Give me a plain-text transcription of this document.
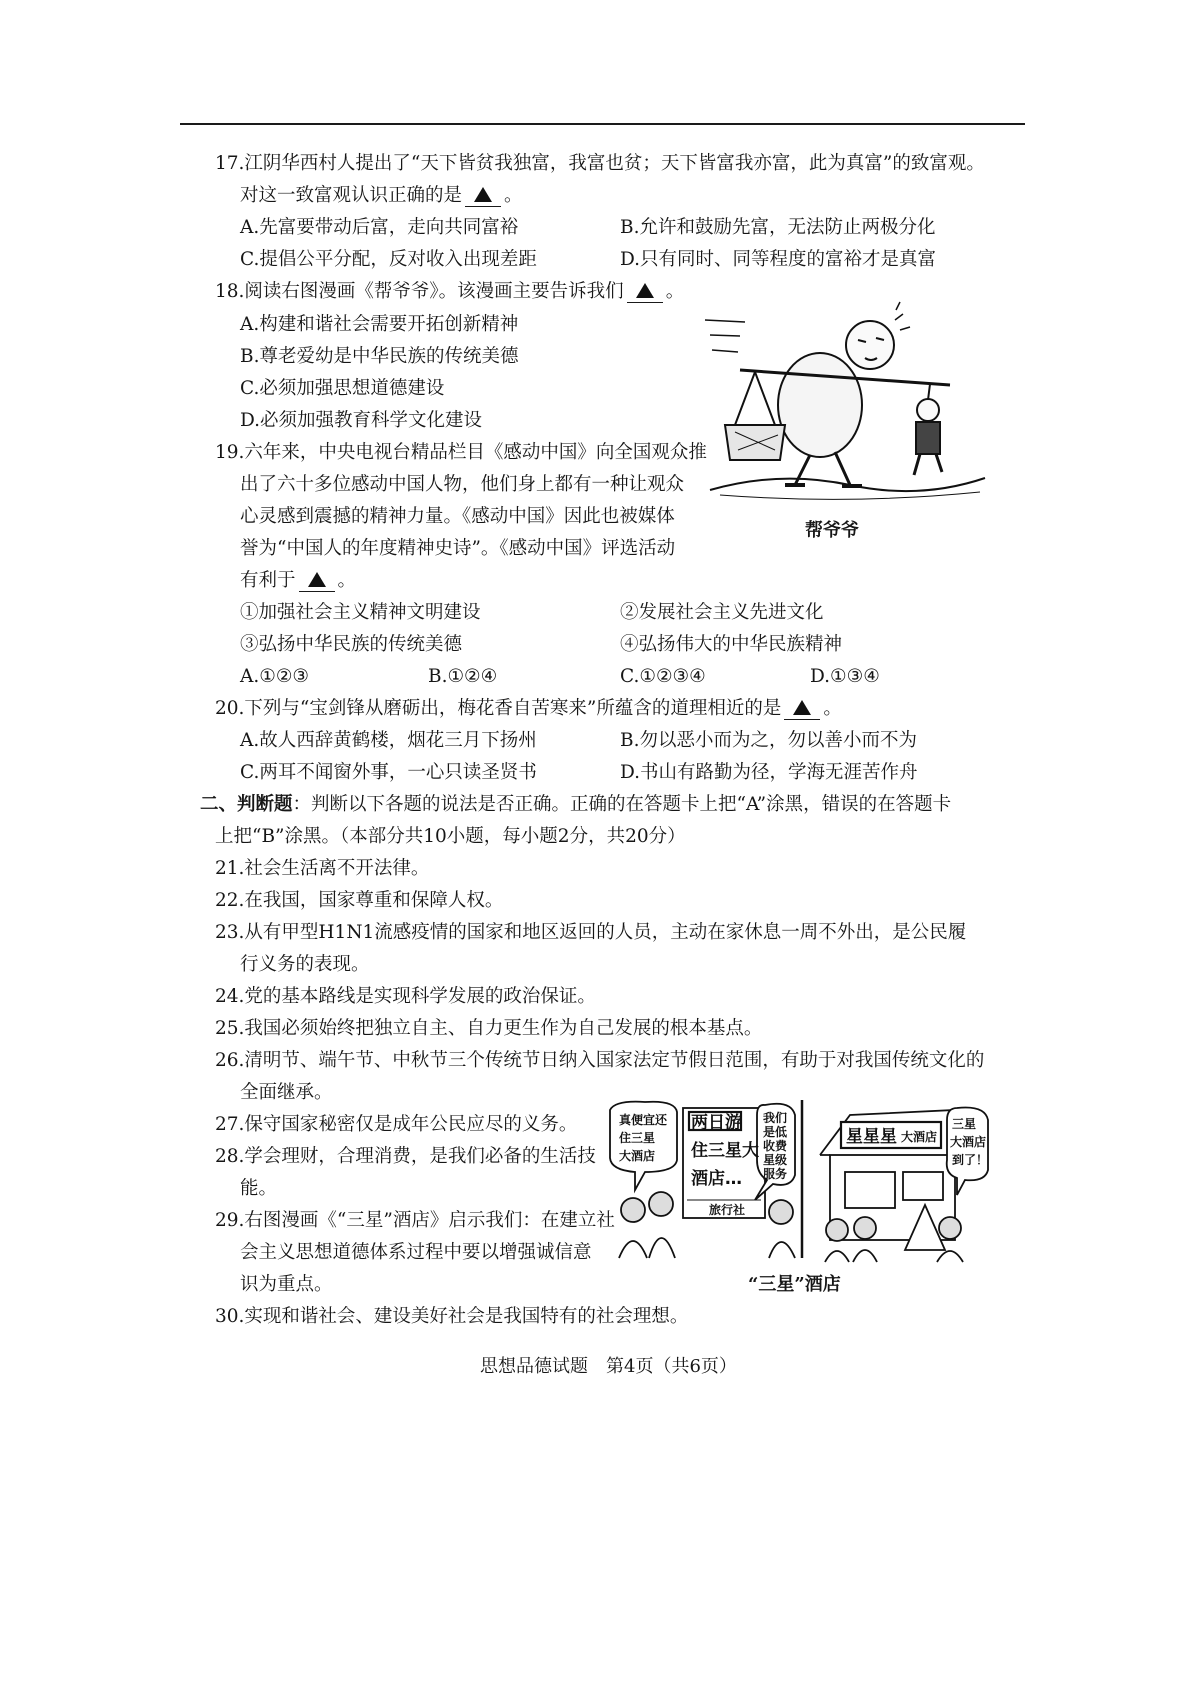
17.江阴华西村人提出了“天下皆贫我独富，我富也贫；天下皆富我亦富，此为真富”的致富观。
对这一致富观认识正确的是 。
A.先富要带动后富，走向共同富裕	B.允许和鼓励先富，无法防止两极分化
C.提倡公平分配，反对收入出现差距	D.只有同时、同等程度的富裕才是真富
18.阅读右图漫画《帮爷爷》。该漫画主要告诉我们 。
A.构建和谐社会需要开拓创新精神
B.尊老爱幼是中华民族的传统美德
C.必须加强思想道德建设
D.必须加强教育科学文化建设
帮爷爷
19.六年来，中央电视台精品栏目《感动中国》向全国观众推
出了六十多位感动中国人物，他们身上都有一种让观众
心灵感到震撼的精神力量。《感动中国》因此也被媒体
誉为“中国人的年度精神史诗”。《感动中国》评选活动
有利于 。
①加强社会主义精神文明建设	②发展社会主义先进文化
③弘扬中华民族的传统美德	④弘扬伟大的中华民族精神
A.①②③	B.①②④	C.①②③④	D.①③④
20.下列与“宝剑锋从磨砺出，梅花香自苦寒来”所蕴含的道理相近的是 。
A.故人西辞黄鹤楼，烟花三月下扬州	B.勿以恶小而为之，勿以善小而不为
C.两耳不闻窗外事，一心只读圣贤书	D.书山有路勤为径，学海无涯苦作舟
二、判断题：判断以下各题的说法是否正确。正确的在答题卡上把“A”涂黑，错误的在答题卡
上把“B”涂黑。（本部分共10小题，每小题2分，共20分）
21.社会生活离不开法律。
22.在我国，国家尊重和保障人权。
23.从有甲型H1N1流感疫情的国家和地区返回的人员，主动在家休息一周不外出，是公民履
行义务的表现。
24.党的基本路线是实现科学发展的政治保证。
25.我国必须始终把独立自主、自力更生作为自己发展的根本基点。
26.清明节、端午节、中秋节三个传统节日纳入国家法定节假日范围，有助于对我国传统文化的
全面继承。
27.保守国家秘密仅是成年公民应尽的义务。
28.学会理财，合理消费，是我们必备的生活技
能。
29.右图漫画《“三星”酒店》启示我们：在建立社
会主义思想道德体系过程中要以增强诚信意
识为重点。
30.实现和谐社会、建设美好社会是我国特有的社会理想。
真便宜还
住三星
大酒店
两日游
住三星大
酒店…
旅行社
我们
是低
收费
星级
服务
星星星 大酒店
三星
大酒店
到了！
“三星”酒店
思想品德试题　第4页（共6页）
